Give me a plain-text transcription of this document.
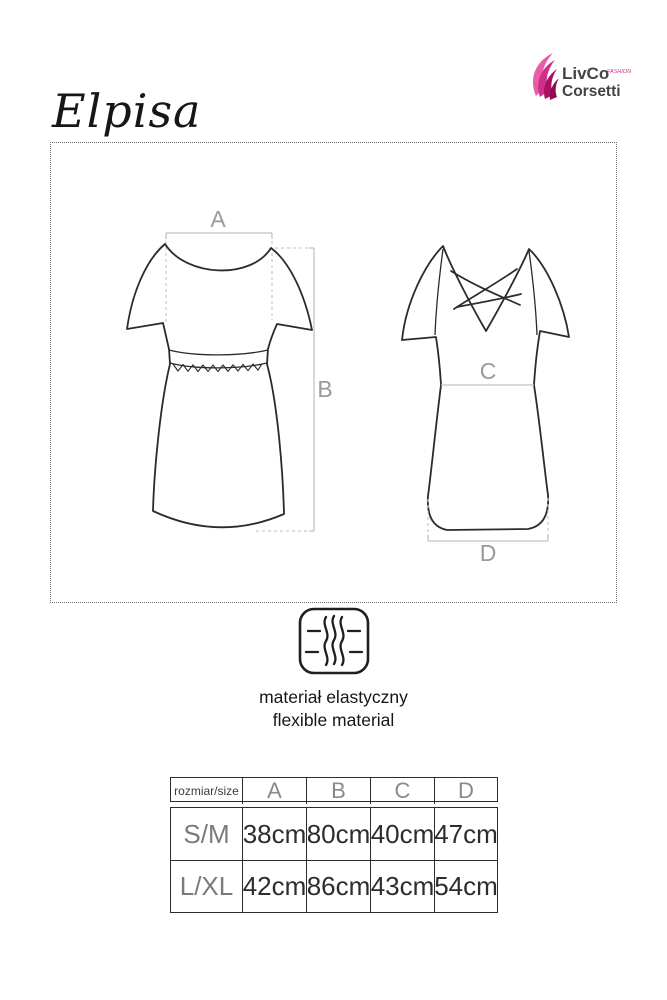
Elpisa
LivCo
FASHION
Corsetti
A
B
C
D
materiał elastyczny
flexible material
rozmiar/size	A	B	C	D
S/M 38cm 80cm 40cm 47cm
L/XL 42cm 86cm 43cm 54cm
